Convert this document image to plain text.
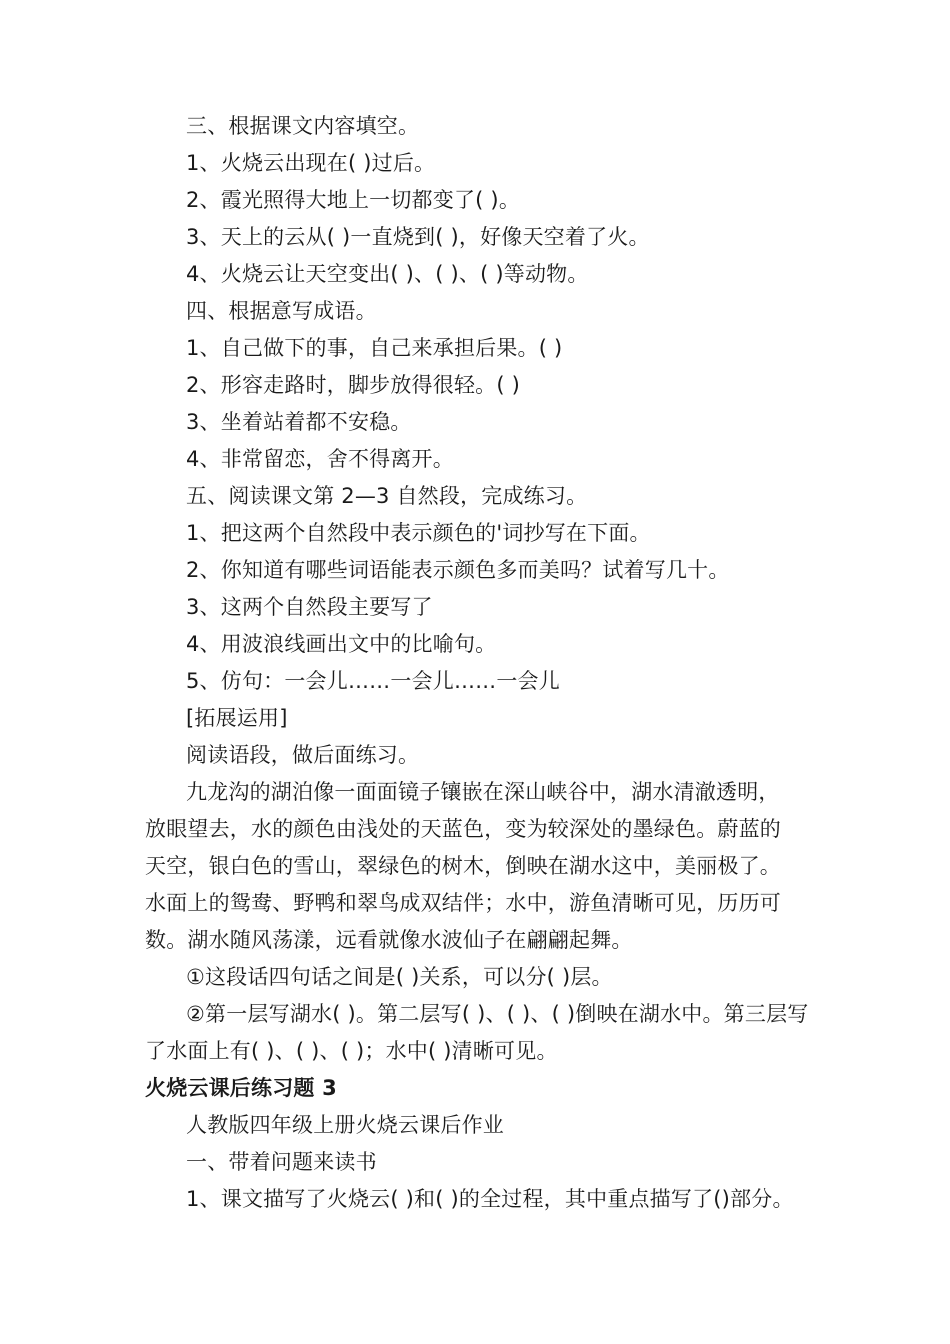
三、根据课文内容填空。
1、火烧云出现在( )过后。
2、霞光照得大地上一切都变了( )。
3、天上的云从( )一直烧到( )，好像天空着了火。
4、火烧云让天空变出( )、( )、( )等动物。
四、根据意写成语。
1、自己做下的事，自己来承担后果。( )
2、形容走路时，脚步放得很轻。( )
3、坐着站着都不安稳。
4、非常留恋，舍不得离开。
五、阅读课文第 2—3 自然段，完成练习。
1、把这两个自然段中表示颜色的'词抄写在下面。
2、你知道有哪些词语能表示颜色多而美吗？试着写几十。
3、这两个自然段主要写了
4、用波浪线画出文中的比喻句。
5、仿句：一会儿……一会儿……一会儿
[拓展运用]
阅读语段，做后面练习。
九龙沟的湖泊像一面面镜子镶嵌在深山峡谷中，湖水清澈透明，
放眼望去，水的颜色由浅处的天蓝色，变为较深处的墨绿色。蔚蓝的
天空，银白色的雪山，翠绿色的树木，倒映在湖水这中，美丽极了。
水面上的鸳鸯、野鸭和翠鸟成双结伴；水中，游鱼清晰可见，历历可
数。湖水随风荡漾，远看就像水波仙子在翩翩起舞。
①这段话四句话之间是( )关系，可以分( )层。
②第一层写湖水( )。第二层写( )、( )、( )倒映在湖水中。第三层写
了水面上有( )、( )、( )；水中( )清晰可见。
火烧云课后练习题 3
人教版四年级上册火烧云课后作业
一、带着问题来读书
1、课文描写了火烧云( )和( )的全过程，其中重点描写了()部分。
